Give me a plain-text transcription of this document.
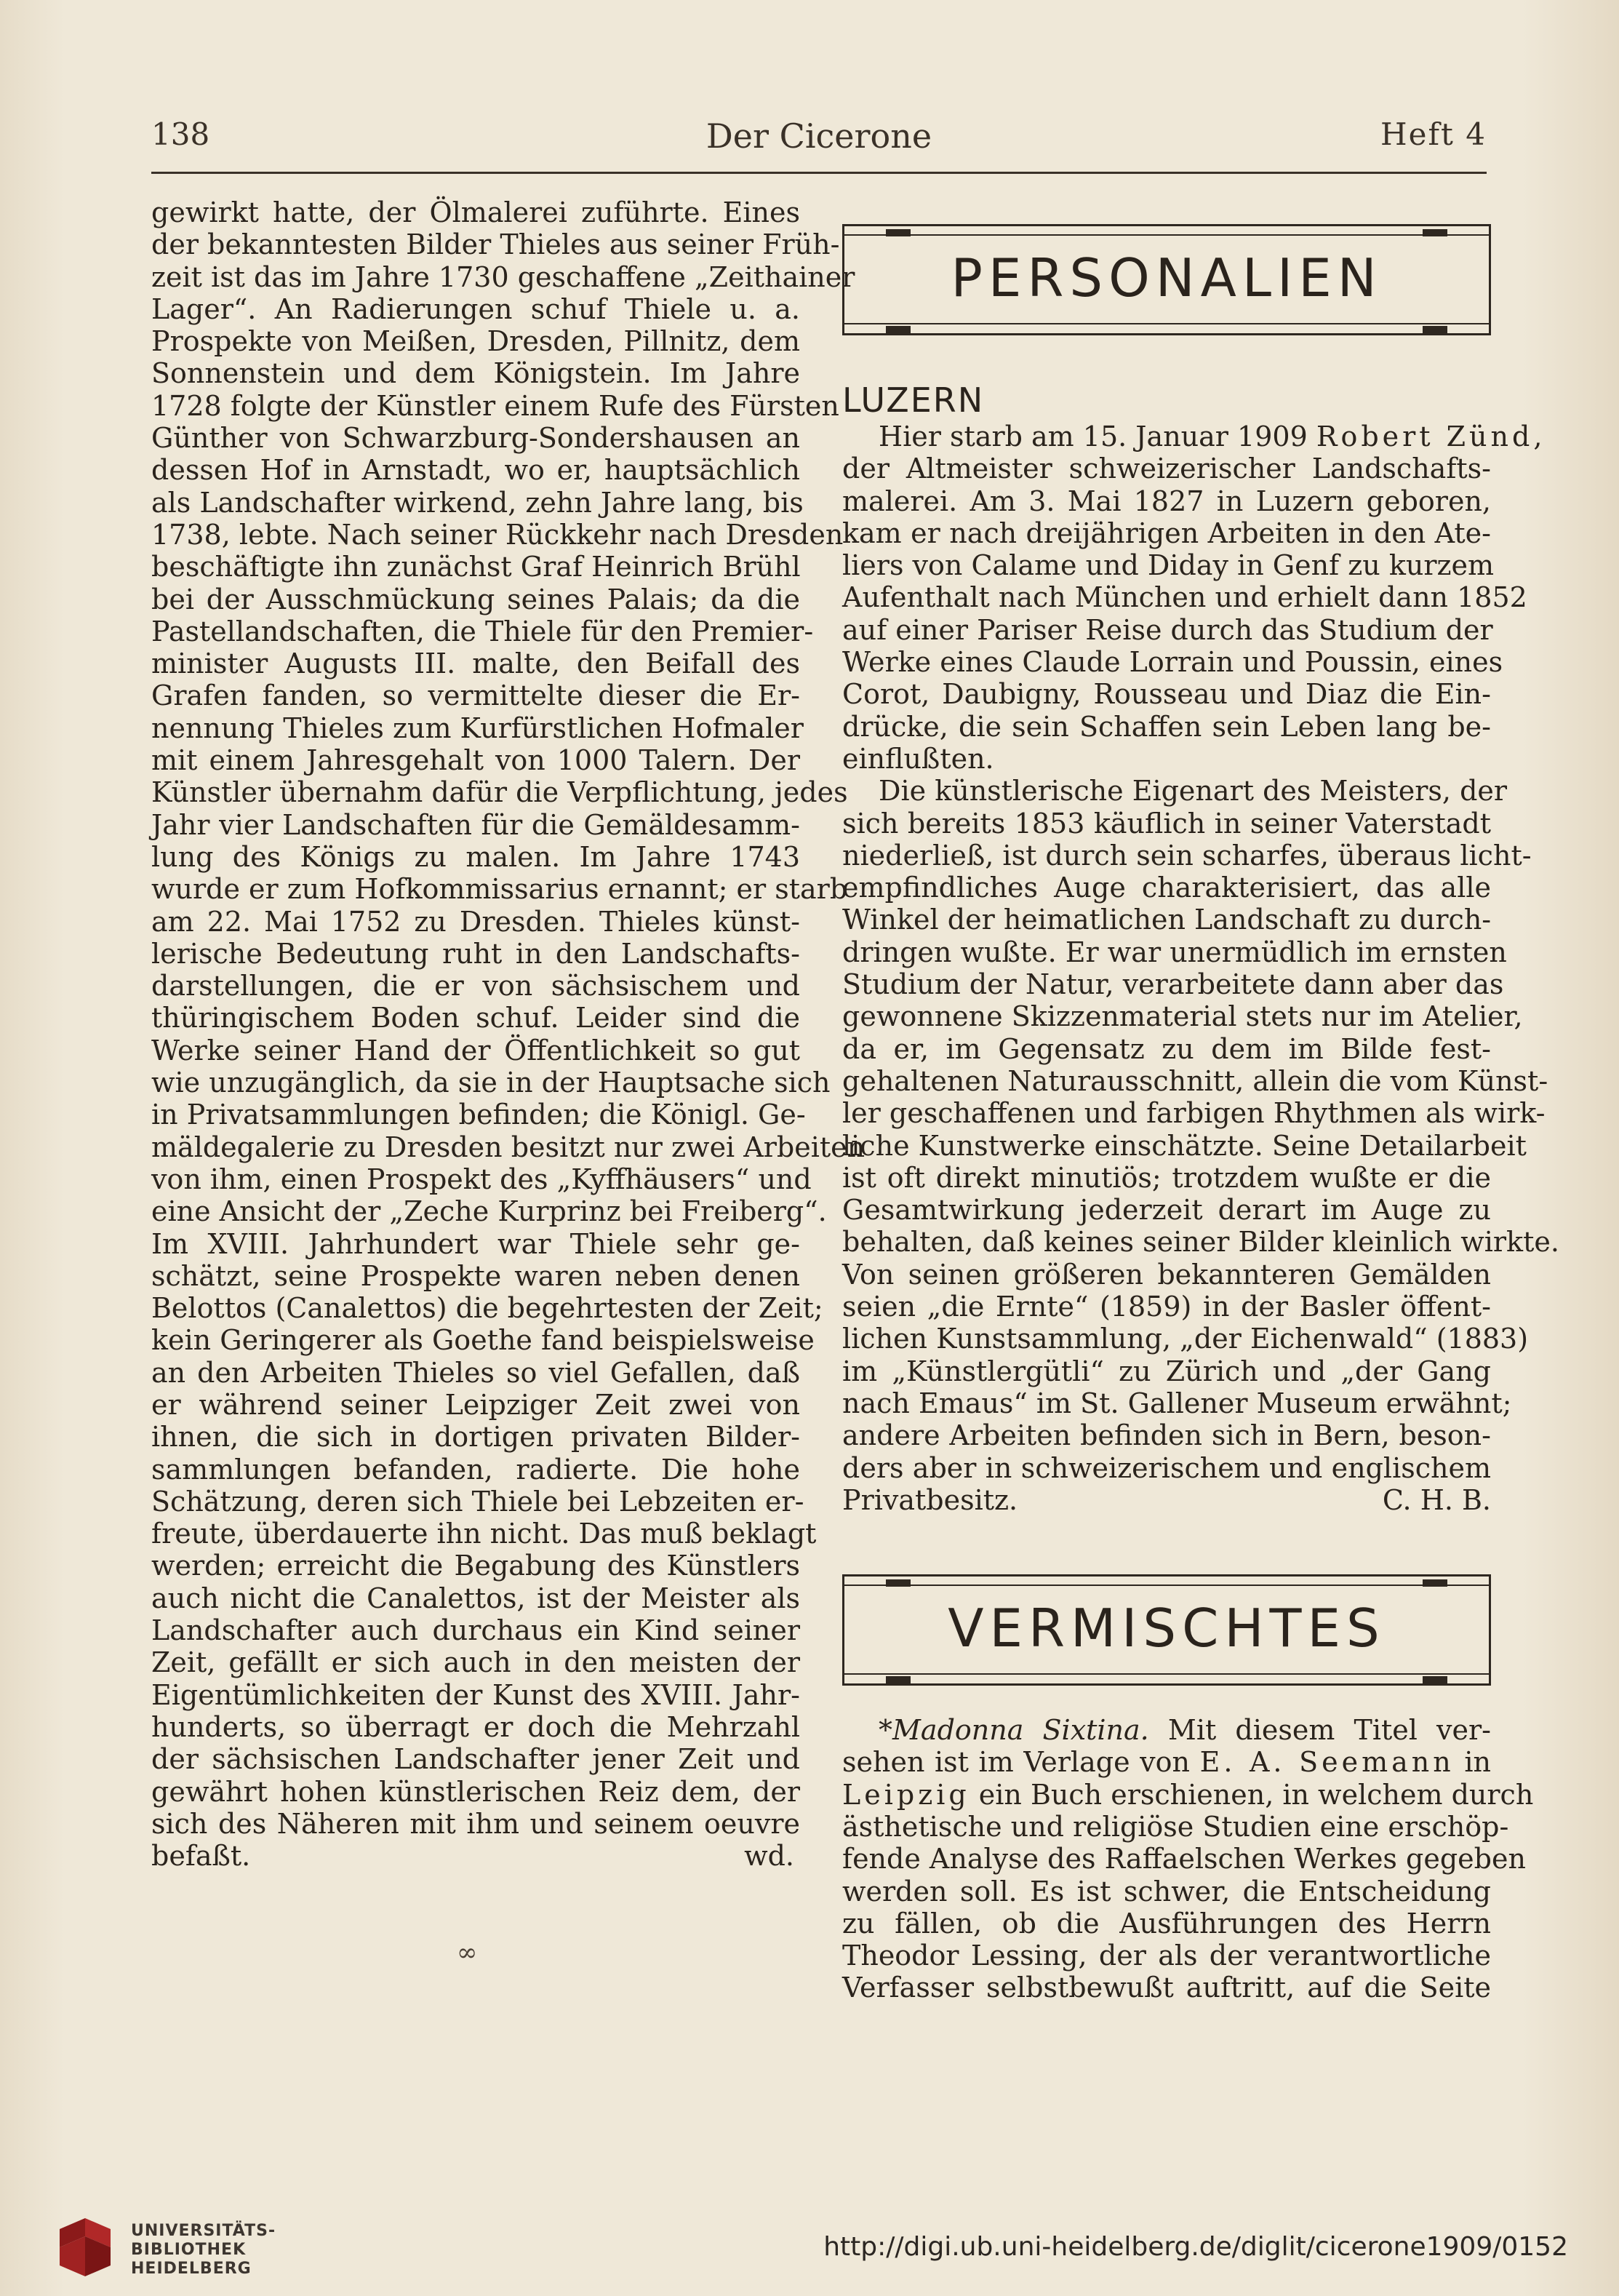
138	Der Cicerone	Heft 4
gewirkt hatte, der Ölmalerei zuführte. Eines
der bekanntesten Bilder Thieles aus seiner Früh-
zeit ist das im Jahre 1730 geschaffene „Zeithainer
Lager“. An Radierungen schuf Thiele u. a.
Prospekte von Meißen, Dresden, Pillnitz, dem
Sonnenstein und dem Königstein. Im Jahre
1728 folgte der Künstler einem Rufe des Fürsten
Günther von Schwarzburg-Sondershausen an
dessen Hof in Arnstadt, wo er, hauptsächlich
als Landschafter wirkend, zehn Jahre lang, bis
1738, lebte. Nach seiner Rückkehr nach Dresden
beschäftigte ihn zunächst Graf Heinrich Brühl
bei der Ausschmückung seines Palais; da die
Pastellandschaften, die Thiele für den Premier-
minister Augusts III. malte, den Beifall des
Grafen fanden, so vermittelte dieser die Er-
nennung Thieles zum Kurfürstlichen Hofmaler
mit einem Jahresgehalt von 1000 Talern. Der
Künstler übernahm dafür die Verpflichtung, jedes
Jahr vier Landschaften für die Gemäldesamm-
lung des Königs zu malen. Im Jahre 1743
wurde er zum Hofkommissarius ernannt; er starb
am 22. Mai 1752 zu Dresden. Thieles künst-
lerische Bedeutung ruht in den Landschafts-
darstellungen, die er von sächsischem und
thüringischem Boden schuf. Leider sind die
Werke seiner Hand der Öffentlichkeit so gut
wie unzugänglich, da sie in der Hauptsache sich
in Privatsammlungen befinden; die Königl. Ge-
mäldegalerie zu Dresden besitzt nur zwei Arbeiten
von ihm, einen Prospekt des „Kyffhäusers“ und
eine Ansicht der „Zeche Kurprinz bei Freiberg“.
Im XVIII. Jahrhundert war Thiele sehr ge-
schätzt, seine Prospekte waren neben denen
Belottos (Canalettos) die begehrtesten der Zeit;
kein Geringerer als Goethe fand beispielsweise
an den Arbeiten Thieles so viel Gefallen, daß
er während seiner Leipziger Zeit zwei von
ihnen, die sich in dortigen privaten Bilder-
sammlungen befanden, radierte. Die hohe
Schätzung, deren sich Thiele bei Lebzeiten er-
freute, überdauerte ihn nicht. Das muß beklagt
werden; erreicht die Begabung des Künstlers
auch nicht die Canalettos, ist der Meister als
Landschafter auch durchaus ein Kind seiner
Zeit, gefällt er sich auch in den meisten der
Eigentümlichkeiten der Kunst des XVIII. Jahr-
hunderts, so überragt er doch die Mehrzahl
der sächsischen Landschafter jener Zeit und
gewährt hohen künstlerischen Reiz dem, der
sich des Näheren mit ihm und seinem oeuvre
befaßt.	wd.
∞
PERSONALIEN
LUZERN
Hier starb am 15. Januar 1909 Robert Zünd,
der Altmeister schweizerischer Landschafts-
malerei. Am 3. Mai 1827 in Luzern geboren,
kam er nach dreijährigen Arbeiten in den Ate-
liers von Calame und Diday in Genf zu kurzem
Aufenthalt nach München und erhielt dann 1852
auf einer Pariser Reise durch das Studium der
Werke eines Claude Lorrain und Poussin, eines
Corot, Daubigny, Rousseau und Diaz die Ein-
drücke, die sein Schaffen sein Leben lang be-
einflußten.
Die künstlerische Eigenart des Meisters, der
sich bereits 1853 käuflich in seiner Vaterstadt
niederließ, ist durch sein scharfes, überaus licht-
empfindliches Auge charakterisiert, das alle
Winkel der heimatlichen Landschaft zu durch-
dringen wußte. Er war unermüdlich im ernsten
Studium der Natur, verarbeitete dann aber das
gewonnene Skizzenmaterial stets nur im Atelier,
da er, im Gegensatz zu dem im Bilde fest-
gehaltenen Naturausschnitt, allein die vom Künst-
ler geschaffenen und farbigen Rhythmen als wirk-
liche Kunstwerke einschätzte. Seine Detailarbeit
ist oft direkt minutiös; trotzdem wußte er die
Gesamtwirkung jederzeit derart im Auge zu
behalten, daß keines seiner Bilder kleinlich wirkte.
Von seinen größeren bekannteren Gemälden
seien „die Ernte“ (1859) in der Basler öffent-
lichen Kunstsammlung, „der Eichenwald“ (1883)
im „Künstlergütli“ zu Zürich und „der Gang
nach Emaus“ im St. Gallener Museum erwähnt;
andere Arbeiten befinden sich in Bern, beson-
ders aber in schweizerischem und englischem
Privatbesitz.	C. H. B.
VERMISCHTES
*Madonna Sixtina. Mit diesem Titel ver-
sehen ist im Verlage von E. A. Seemann in
Leipzig ein Buch erschienen, in welchem durch
ästhetische und religiöse Studien eine erschöp-
fende Analyse des Raffaelschen Werkes gegeben
werden soll. Es ist schwer, die Entscheidung
zu fällen, ob die Ausführungen des Herrn
Theodor Lessing, der als der verantwortliche
Verfasser selbstbewußt auftritt, auf die Seite
UNIVERSITÄTS-
BIBLIOTHEK
HEIDELBERG
http://digi.ub.uni-heidelberg.de/diglit/cicerone1909/0152
